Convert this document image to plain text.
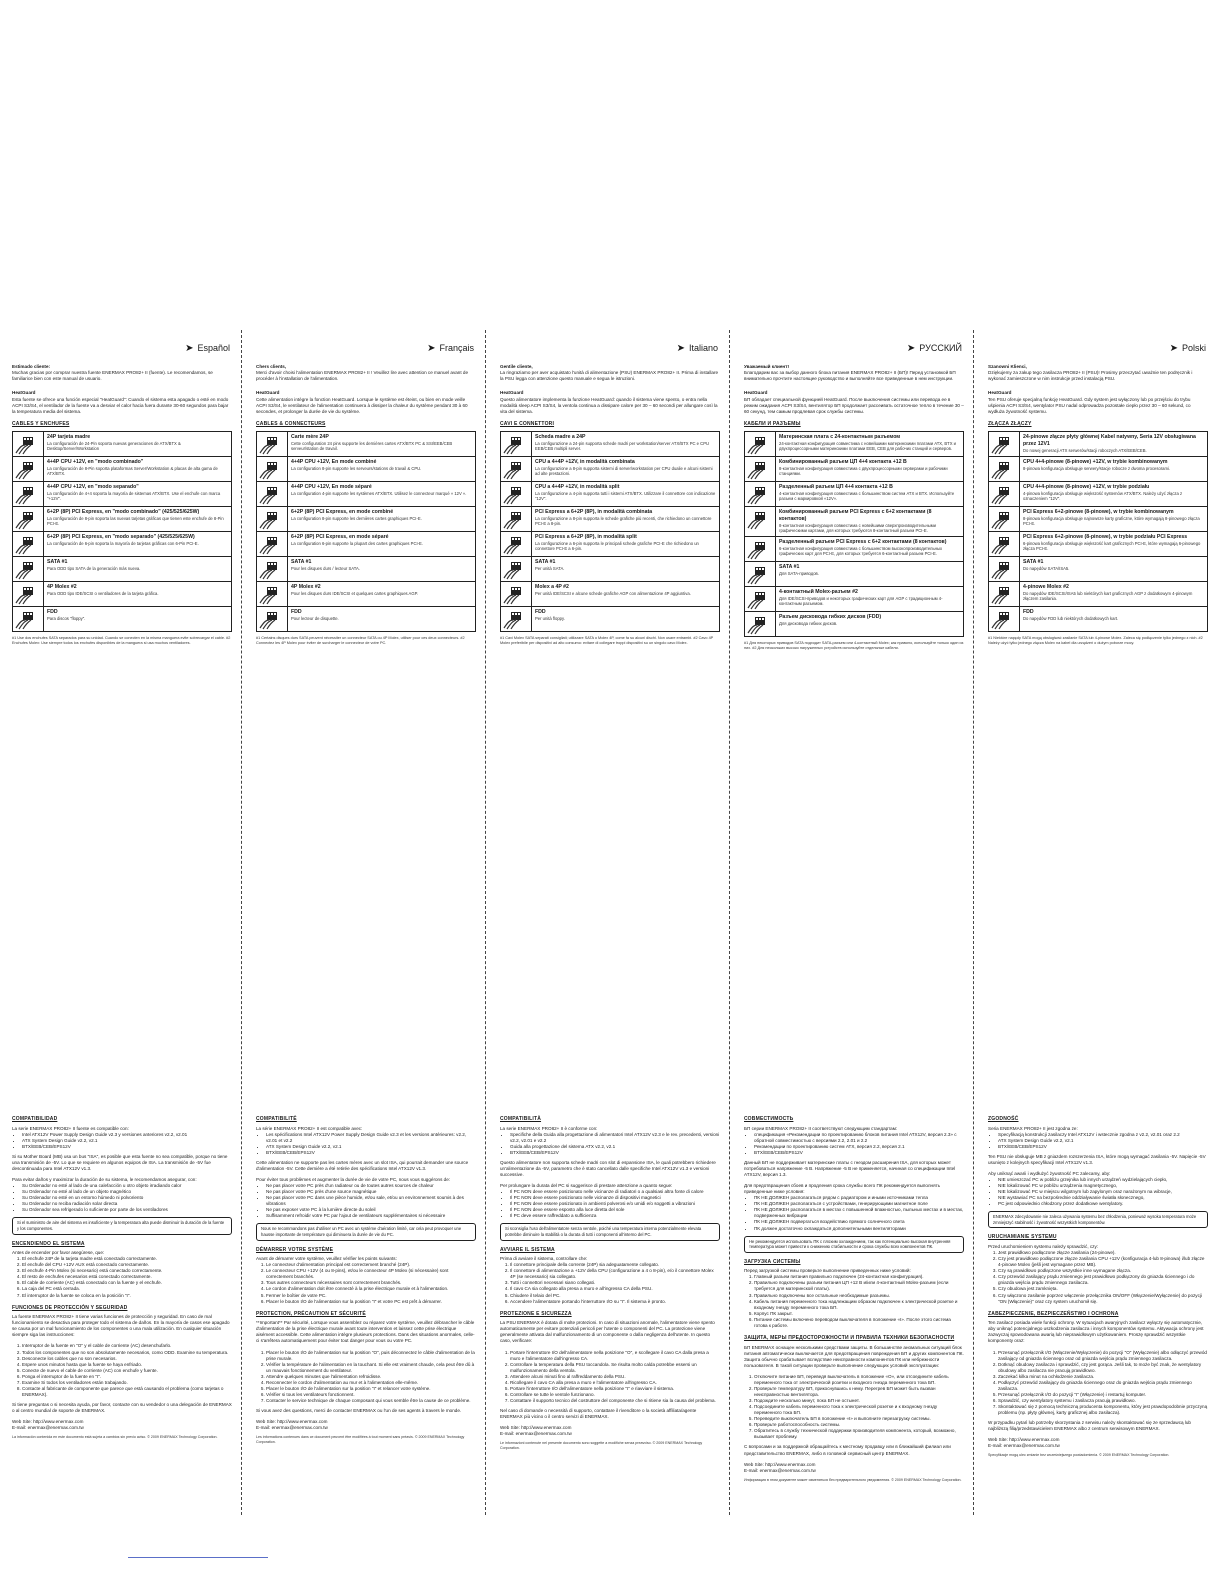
➤ Español
Estimado cliente:

Muchas gracias por comprar nuestra fuente ENERMAX PRO82+ II (fuente). Le recomendamos, se familiarice bien con este manual de usuario.

HeatGuard

Esta fuente se ofrece una función especial "HeatGuard": Cuando el sistema esta apagado o esté en modo ACPI S3/S4, el ventilador de la fuente va a desviar el calor hacia fuera durante 30-60 segundos para bajar la temperatura media del sistema.

CABLES Y ENCHUFES

24P tarjeta madre
La configuración de 24-Pin soporta nuevas generaciones de ATX/BTX & Desktop/Server/Workstation

4+4P CPU +12V, en "modo combinado"
La configuración de 8-Pin soporta plataformas Server/Workstation & placas de alta gama de ATX/BTX.

4+4P CPU +12V, en "modo separado"
La configuración de 4+4 soporta la mayoría de sistemas ATX/BTX. Use el enchufe con marca "+12V".

6+2P (8P) PCI Express, en "modo combinado" (425/525/625W)
La configuración de 8-pin soporta las nuevas tarjetas gráficas que tienen este enchufe de 8-Pin PCI-E.

6+2P (8P) PCI Express, en "modo separado" (425/525/625W)
La configuración de 6-pin soporta la mayoría de tarjetas gráficas con 6-Pin PCI-E.

SATA #1
Para ODD tipo SATA de la generación más nueva.

4P Molex #2
Para ODD tipo IDE/SCSI o ventiladores de la tarjeta gráfica.

FDD
Para discos "floppy".
#1 Use dos enchufes SATA separados para su unidad. Cuando se conecten en la misma manguera evite sobrecargar el cable. #2 Enchufes Molex: Use siempre todos los enchufes disponibles de la manguera si usa muchos ventiladores.
COMPATIBILIDAD
La serie ENERMAX PRO82+ II fuente es compatible con:
• Intel ATX12V Power Supply Design Guide v2.3 y versiones anteriores v2.2, v2.01
• ATX System Design Guide v2.2, v2.1
• BTX/EEB/CEB/EPS12V

Si su Mother Board (MB) usa un bus "ISA", es posible que esta fuente no sea compatible, porque no tiene una transmisión de -5V. Lo que se requiere en algunos equipos de ISA. La transmisión de -5V fue descontinuada para Intel ATX12V v1.3.

Para evitar daños y maximizar la duración de su sistema, le recomendamos asegurar, con:
• Su Ordenador no esté al lado de una calefacción u otro objeto irradiando calor
• Su Ordenador no esté al lado de un objeto magnético
• Su Ordenador no esté en un entorno húmedo ni polvoriento
• Su Ordenador no reciba radiación solar directa
• Su Ordenador sea refrigerado lo suficiente por parte de los ventiladores
Si el suministro de aire del sistema es insuficiente y la temperatura alta puede disminuir la duración de la fuente y los componentes.
ENCENDIENDO EL SISTEMA
Antes de encender por favor asegúrese, que:
1. El enchufe 24P de la tarjeta madre está conectado correctamente.
2. El enchufe del CPU +12V AUX está conectado correctamente.
3. El enchufe 4-Pin Molex (si necesario) está conectado correctamente.
4. El resto de enchufes necesarios está conectado correctamente.
5. El cable de corriente (AC) está conectado con la fuente y el enchufe.
6. La caja del PC está cerrada.
7. El interruptor de la fuente se coloca en la posición "I".
FUNCIONES DE PROTECCIÓN Y SEGURIDAD

La fuente ENERMAX PRO82+ II tiene varias funciones de protección y seguridad. En caso de mal funcionamiento se desactiva para proteger todo el sistema de daños. En la mayoría de casos ese apagado se causa por un mal funcionamiento de los componentes o una mala utilización. En cualquier situación siempre siga las instrucciones:

1. Interruptor de la fuente en "O" y el cable de corriente (AC) desenchufarlo.
2. Todos los componentes que no son absolutamente necesarios, como ODD. Examine su temperatura.
3. Desconecte los cables que no son necesarios.
4. Espere unos minutos hasta que la fuente se haya enfriado.
5. Conecte de nuevo el cable de corriente (AC) con enchufe y fuente.
6. Ponga el interruptor de la fuente en "I".
7. Examine Si todos los ventiladores están trabajando.
8. Contacte al fabricante de componente que parece que está causando el problema (como tarjetas o ENERMAX).

Si tiene preguntas o si necesita ayuda, por favor, contacte con su vendedor o una delegación de ENERMAX o al centro mundial de soporte de ENERMAX.

Web Site: http://www.enermax.com
E-mail: enermax@enermax.com.tw
La información contenida en este documento está sujeta a cambios sin previo aviso. © 2009 ENERMAX Technology Corporation.
➤ Français
Chers clients,

Merci d'avoir choisi l'alimentation ENERMAX PRO82+ II ! Veuillez lire avec attention ce manuel avant de procéder à l'installation de l'alimentation.

HeatGuard

Cette alimentation intègre la fonction HeatGuard. Lorsque le système est éteint, ou bien en mode veille ACPI S3/S4, le ventilateur de l'alimentation continuera à dissiper la chaleur du système pendant 30 à 60 secondes, et prolonger la durée de vie du système.

CABLES & CONNECTEURS

Carte mère 24P
Cette configuration 24 pins supporte les dernières cartes ATX/BTX PC & SSI/EEB/CEB serveur/station de travail.

4+4P CPU +12V, En mode combiné
La configuration 8-pin supporte les serveurs/stations de travail & CPU.

4+4P CPU +12V, En mode séparé
La configuration 4-pin supporte les systèmes ATX/BTX. Utilisez le connecteur marqué « 12V ».

6+2P (8P) PCI Express, en mode combiné
La configuration 8-pin supporte les dernières cartes graphiques PCI-E.

6+2P (8P) PCI Express, en mode séparé
La configuration 6-pin supporte la plupart des cartes graphiques PCI-E.

SATA #1
Pour les disques durs / lecteur SATA.

4P Molex #2
Pour les disques durs IDE/SCSI et quelques cartes graphiques AGP.

FDD
Pour lecteur de disquette.
#1 Certains disques durs SATA peuvent nécessiter un connecteur SATA ou 4P Molex, utiliser pour ces deux connecteurs. #2 Connectez les 4P Molex pour éviter de surcharger le connecteur de votre PC.
COMPATIBILITÉ
La série ENERMAX PRO82+ II est compatible avec:
• Les spécifications Intel ATX12V Power Supply Design Guide v2.3 et les versions antérieures: v2.2, v2.01 et v2.2
• ATX System Design Guide v2.2, v2.1
• BTX/EEB/CEB/EPS12V

Cette alimentation ne supporte pas les cartes mères avec un slot ISA, qui pourrait demander une source d'alimentation -5V. Cette dernière a été retirée des spécifications Intel ATX12V v1.3.

Pour éviter tous problèmes et augmenter la durée de vie de votre PC, nous vous suggérons de:
• Ne pas placer votre PC près d'un radiateur ou de toutes autres sources de chaleur
• Ne pas placer votre PC près d'une source magnétique
• Ne pas placer votre PC dans une pièce humide, et/ou sale, et/ou un environnement soumis à des vibrations
• Ne pas exposer votre PC à la lumière directe du soleil
• Suffisamment refroidir votre PC par l'ajout de ventilateurs supplémentaires si nécessaire
Nous ne recommandons pas d'utiliser un PC avec un système d'aération limité, car cela peut provoquer une hausse importante de température qui diminuera la durée de vie du PC.
DÉMARRER VOTRE SYSTÈME
Avant de démarrer votre système, veuillez vérifier les points suivants:
1. Le connecteur d'alimentation principal est correctement branché (24P).
2. Le connecteur CPU +12V (4 ou 8-pins), et/ou le connecteur 4P Molex (si nécessaire) sont correctement branchés.
3. Tous autres connecteurs nécessaires sont correctement branchés.
4. Le cordon d'alimentation doit être connecté à la prise électrique murale et à l'alimentation.
5. Fermer le boîtier de votre PC.
6. Placer le bouton I/O de l'alimentation sur la position "I" et votre PC est prêt à démarrer.
PROTECTION, PRÉCAUTION ET SÉCURITÉ

**Important** Par sécurité, Lorsque vous assemblez ou réparez votre système, veuillez débrancher le câble d'alimentation de la prise électrique murale avant toute intervention et laissez cette prise électrique aisément accessible. Cette alimentation intègre plusieurs protections. Dans des situations anormales, celle-ci s'arrêtera automatiquement pour éviter tout danger pour vous ou votre PC.

1. Placer le bouton I/O de l'alimentation sur la position "O", puis déconnectez le câble d'alimentation de la prise murale.
2. Vérifier la température de l'alimentation en la touchant. Si elle est vraiment chaude, cela peut être dû à un mauvais fonctionnement du ventilateur.
3. Attendre quelques minutes que l'alimentation refroidisse.
4. Reconnecter le cordon d'alimentation au mur et à l'alimentation elle-même.
5. Placer le bouton I/O de l'alimentation sur la position "I" et relancer votre système.
6. Vérifier si tous les ventilateurs fonctionnent.
7. Contacter le service technique de chaque composant qui vous semble être la cause de ce problème.

Si vous avez des questions, merci de contacter ENERMAX ou l'un de ses agents à travers le monde.

Web Site: http://www.enermax.com
E-mail: enermax@enermax.com.tw
Les informations contenues dans ce document peuvent être modifiées à tout moment sans préavis. © 2009 ENERMAX Technology Corporation.
➤ Italiano
Gentile cliente,

La ringraziamo per aver acquistato l'unità di alimentazione (PSU) ENERMAX PRO82+ II. Prima di installare la PSU legga con attenzione questo manuale e segua le istruzioni.

HeatGuard

Questo alimentatore implementa la funzione HeatGuard: quando il sistema viene spento, o entra nella modalità sleep ACPI S3/S4, la ventola continua a dissipare calore per 30 – 60 secondi per allungare così la vita del sistema.

CAVI E CONNETTORI

Scheda madre a 24P
La configurazione a 24-pin supporta schede madri per workstation/server ATX/BTX PC e CPU EEB/CEB multipli server.

CPU a 4+4P +12V, in modalità combinata
La configurazione a 8-pin supporta sistemi di server/workstation per CPU dualie e alcuni sistemi ad alte prestazioni.

CPU a 4+4P +12V, in modalità split
La configurazione a 4-pin supporta tutti i sistemi ATX/BTX. Utilizzare il connettore con indicazione "12V".

PCI Express a 6+2P (8P), in modalità combinata
La configurazione a 8-pin supporta le schede grafiche più recenti, che richiedono un connettore PCI-E a 8-pin.

PCI Express a 6+2P (8P), in modalità split
La configurazione a 6-pin supporta le principali schede grafiche PCI-E che richiedono un connettore PCI-E a 6-pin.

SATA #1
Per unità SATA.

Molex a 4P #2
Per unità IDE/SCSI e alcune schede grafiche AGP con alimentazione 4P aggiuntiva.

FDD
Per unità floppy.
#1 Cavi Molex SATA separati consigliati; utilizzare SATA o Molex 4P, come fa su alcuni dischi. Non usare entrambi. #2 Cavo 4P Molex preferibile per dispositivi ad alto consumo: evitare di collegare troppi dispositivi su un singolo cavo Molex.
COMPATIBILITÀ
La serie ENERMAX PRO82+ II è conforme con:
• Specifiche della Guida alla progettazione di alimentatori Intel ATX12V v2.3 e le rev. precedenti, versioni v2.2, v2.01 e v2.2
• Guida alla progettazione del sistema ATX v2.2, v2.1
• BTX/EEB/CEB/EPS12V

Questo alimentatore non supporta schede madri con slot di espansione ISA, le quali potrebbero richiedere un'alimentazione da -5V, parametro che è stato cancellato dalle specifiche Intel ATX12V v1.3 e versioni successive.

Per prolungare la durata del PC si suggerisce di prestare attenzione a quanto segue:
• Il PC NON deve essere posizionato nelle vicinanze di radiatori o a qualsiasi altra fonte di calore
• Il PC NON deve essere posizionato nelle vicinanze di dispositivi magnetici
• Il PC NON deve essere posizionato in ambienti polverosi e/o umidi e/o soggetti a vibrazioni
• Il PC NON deve essere esposto alla luce diretta del sole
• Il PC deve essere raffreddato a sufficienza
Si sconsiglia l'uso dell'alimentatore senza ventole, poiché una temperatura interna potenzialmente elevata potrebbe diminuire la stabilità o la durata di tutti i componenti all'interno del PC.
AVVIARE IL SISTEMA
Prima di avviare il sistema, controllare che:
1. Il connettore principale della corrente (24P) sia adeguatamente collegato.
2. Il connettore di alimentazione a +12V della CPU (configurazione a 4 o 8-pin), e/o il connettore Molex 4P (se necessario) sia collegato.
3. Tutti i connettori necessari siano collegati.
4. Il cavo CA sia collegato alla presa a muro e all'ingresso CA della PSU.
5. Chiudere il telaio del PC.
6. Accendere l'alimentatore portando l'interruttore I/O su "I". Il sistema è pronto.
PROTEZIONE E SICUREZZA

La PSU ENERMAX è dotata di molte protezioni. In caso di situazioni anomale, l'alimentatore viene spento automaticamente per evitare potenziali pericoli per l'utente o componenti del PC. La protezione viene generalmente attivata dal malfunzionamento di un componente o dalla negligenza dell'utente. In questo caso, verificare:

1. Portare l'interruttore I/O dell'alimentatore nella posizione "O", e scollegare il cavo CA dalla presa a muro e l'alimentatore dall'ingresso CA.
2. Controllare la temperatura della PSU toccandola. Se risulta molto calda potrebbe essersi un malfunzionamento della ventola.
3. Attendere alcuni minuti fino al raffreddamento della PSU.
4. Ricollegare il cavo CA alla presa a muro e l'alimentatore all'ingresso CA.
5. Portare l'interruttore I/O dell'alimentatore nella posizione "I" e riavviare il sistema.
6. Controllare se tutte le ventole funzionano.
7. Contattare il supporto tecnico del costruttore del componente che si ritiene sia la causa del problema.

Nel caso di domande o necessità di supporto, contattare il rivenditore o la società affiliata/agente ENERMAX più vicino o il centro servizi di ENERMAX.

Web Site: http://www.enermax.com
E-mail: enermax@enermax.com.tw
Le informazioni contenute nel presente documento sono soggette a modifiche senza preavviso. © 2009 ENERMAX Technology Corporation.
➤ РУССКИЙ
Уважаемый клиент!

Благодарим вас за выбор данного блока питания ENERMAX PRO82+ II (БП)! Перед установкой БП внимательно прочтите настоящее руководство и выполняйте все приведенные в нем инструкции.

HeatGuard

БП обладает специальной функцией HeatGuard. После выключения системы или перевода ее в режим ожидания ACPI S3/S4, вентилятор БП продолжает рассеивать остаточное тепло в течение 30 – 60 секунд, тем самым продлевая срок службы системы.

КАБЕЛИ И РАЗЪЕМЫ

Материнская плата с 24-контактным разъемом
24-контактная конфигурация совместима с новейшими материнскими платами ATX, BTX и двухпроцессорными материнскими платами EEB, CEB для рабочих станций и серверов.

Комбинированный разъем ЦП 4+4 контакта +12 В
8-контактная конфигурация совместима с двухпроцессорными серверами и рабочими станциями.

Разделенный разъем ЦП 4+4 контакта +12 В
4-контактная конфигурация совместима с большинством систем ATX и BTX. Используйте разъем с маркировкой «12V».

Комбинированный разъем PCI Express с 6+2 контактами (8 контактов)
8-контактная конфигурация совместима с новейшими сверхпроизводительными графическими картами, для которых требуются 8-контактный разъем PCI-E.

Разделенный разъем PCI Express с 6+2 контактами (8 контактов)
6-контактная конфигурация совместима с большинством высокопроизводительных графических карт для PCI-E, для которых требуется 6-контактный разъем PCI-E.

SATA #1
Для SATA-приводов.

4-контактный Molex-разъем #2
Для IDE/SCSI-приводов и некоторых графических карт для AGP с традиционным 4-контактным разъемом.

Разъем дисковода гибких дисков (FDD)
Для дисковода гибких дисков.
#1 Для некоторых приводов SATA подходит SATA-разъем или 4-контактный Molex; как правило, используйте только один из них. #2 Для нескольких высоко нагруженных устройств используйте отдельные кабели.
СОВМЕСТИМОСТЬ
БП серии ENERMAX PRO82+ II соответствуют следующим стандартам:
• спецификация «Рекомендации по проектированию блоков питания Intel ATX12V, версия 2.3» с обратной совместимостью с версиями 2.2, 2.01 и 2.2
• Рекомендации по проектированию систем ATX, версия 2.2, версия 2.1
• BTX/EEB/CEB/EPS12V

Данный БП не поддерживает материнские платы с гнездом расширения ISA, для которых может потребоваться напряжение -5 В. Напряжение -5 В не применяется, начиная со спецификации Intel ATX12V, версия 1.3.

Для предотвращения сбоев и продления срока службы всего ПК рекомендуется выполнять приведенные ниже условия:
• ПК НЕ ДОЛЖЕН располагаться рядом с радиатором и иными источниками тепла
• ПК НЕ ДОЛЖЕН располагаться с устройствами, генерирующими магнитное поле
• ПК НЕ ДОЛЖЕН располагаться в местах с повышенной влажностью, пыльных местах и в местах, подверженных вибрации
• ПК НЕ ДОЛЖЕН подвергаться воздействию прямого солнечного света
• ПК должен достаточно охлаждаться дополнительными вентиляторами
Не рекомендуется использовать ПК с плохим охлаждением, так как потенциально высокая внутренняя температура может привести к снижению стабильности и срока службы всех компонентов ПК.
ЗАГРУЗКА СИСТЕМЫ
Перед загрузкой системы проверьте выполнение приведенных ниже условий:
1. Главный разъем питания правильно подключен (24-контактная конфигурация).
2. Правильно подключены разъем питания ЦП +12 В и/или 4-контактный Molex-разъем (если требуется для материнской платы).
3. Правильно подключены все остальные необходимые разъемы.
4. Кабель питания переменного тока надлежащим образом подключен к электрической розетке и входному гнезду переменного тока БП.
5. Корпус ПК закрыт.
6. Питание системы включено переводом выключателя в положение «I». После этого система готова к работе.
ЗАЩИТА, МЕРЫ ПРЕДОСТОРОЖНОСТИ И ПРАВИЛА ТЕХНИКИ БЕЗОПАСНОСТИ

БП ENERMAX оснащен несколькими средствами защиты. В большинстве аномальных ситуаций блок питания автоматически выключается для предотвращения повреждения БП и других компонентов ПК. Защита обычно срабатывает вследствие неисправности компонентов ПК или небрежности пользователя. В такой ситуации проверьте выполнение следующих условий эксплуатации:

1. Отключите питание БП, переведя выключатель в положение «O», или отсоедините кабель переменного тока от электрической розетки и входного гнезда переменного тока БП.
2. Проверьте температуру БП, прикоснувшись к нему. Перегрев БП может быть вызван неисправностью вентилятора.
3. Подождите несколько минут, пока БП не остынет.
4. Подсоедините кабель переменного тока к электрической розетке и к входному гнезду переменного тока БП.
5. Переведите выключатель БП в положение «I» и выполните перезагрузку системы.
6. Проверьте работоспособность системы.
7. Обратитесь в службу технической поддержки производителя компонента, который, возможно, вызывает проблему.

С вопросами и за поддержкой обращайтесь к местному продавцу или в ближайший филиал или представительство ENERMAX, либо в головной сервисный центр ENERMAX.

Web Site: http://www.enermax.com
E-mail: enermax@enermax.com.tw
Информация в этом документе может изменяться без предварительного уведомления. © 2009 ENERMAX Technology Corporation.
➤ Polski
Szanowni Klienci,

Dziękujemy za zakup tego zasilacza PRO82+ II (PSU)! Prosimy przeczytać uważnie ten podręcznik i wykonać zamieszczone w nim instrukcje przed instalacją PSU.

HeatGuard

Ten PSU oferuje specjalną funkcję HeatGuard. Gdy system jest wyłączony lub po przejściu do trybu uśpienia ACPI S3/S4, wentylator PSU nadal odprowadza pozostałe ciepło przez 30 – 60 sekund, co wydłuża żywotność systemu.

ZŁĄCZA ZŁĄCZY

24-pinowe złącze płyty głównej Kabel natywny, Seria 12V obsługiwana przez 12V1
Do nowej generacji ATX serwerów/stacji roboczych ATX/EEB/CEB.

CPU 4+4-pinowe (8-pinowe) +12V, w trybie kombinowanym
8-pinowa konfiguracja obsługuje serwery/stacje robocze z dwoma procesorami.

CPU 4+4-pinowe (8-pinowe) +12V, w trybie podziału
4-pinowa konfiguracja obsługuje większość systemów ATX/BTX. Należy użyć złącza z oznaczeniem "12V".

PCI Express 6+2-pinowe (8-pinowe), w trybie kombinowanym
8-pinowa konfiguracja obsługuje najnowsze karty graficzne, które wymagają 8-pinowego złącza PCI-E.

PCI Express 6+2-pinowe (8-pinowe), w trybie podziału PCI Express
6-pinowa konfiguracja obsługuje większość kart graficznych PCI-E, które wymagają 6-pinowego złącza PCI-E.

SATA #1
Do napędów SATA/ISA5.

4-pinowe Molex #2
Do napędów IDE/SCSI/ISA5 lub niektórych kart graficznych AGP z dodatkowym 4-pinowym złączem zasilania.

FDD
Do napędów FDD lub niektórych dodatkowych kart.
#1 Niektóre napędy SATA mogą obsługiwać zasilanie SATA lub 4-pinowe Molex. Zaleca się podłączenie tylko jednego z nich. #2 Należy użyć tylko jednego złącza Molex na kabel dla urządzeń o dużym poborze mocy.
ZGODNOŚĆ
Seria ENERMAX PRO82+ II jest zgodna ze:
• Specyfikacją konstrukcji zasilaczy Intel ATX12V i wstecznie zgodna z v2.2, v2.01 oraz 2.2
• ATX System Design Guide v2.2, v2.1
• BTX/EEB/CEB/EPS12V

Ten PSU nie obsługuje MB z gniazdem rozszerzenia ISA, które mogą wymagać zasilania -5V. Napięcie -5V usunięto z kolejnych specyfikacji Intel ATX12V v1.3.

Aby uniknąć awarii i wydłużyć żywotność PC zalecamy, aby:
• NIE umieszczać PC w pobliżu grzejnika lub innych urządzeń wydzielających ciepło,
• NIE lokalizować PC w pobliżu urządzenia magnetycznego,
• NIE lokalizować PC w miejscu wilgotnym lub zapylonym oraz narażonym na wibracje,
• NIE wystawiać PC na bezpośrednie oddziaływanie światła słonecznego,
• PC jest odpowiednio chłodzony przez dodatkowe wentylatory.
ENERMAX zdecydowanie nie zaleca używania systemu bez chłodzenia, ponieważ wysoka temperatura może zmniejszyć stabilność i żywotność wszystkich komponentów.
URUCHAMIANIE SYSTEMU
Przed uruchomieniem systemu należy sprawdzić, czy:
1. Jest prawidłowo podłączone złącze zasilania (24-pinowe).
2. Czy jest prawidłowo podłączone złącze zasilania CPU +12V (konfiguracja 4-lub 8-pinowa) i/lub złącze 4-pinowe Molex (jeśli jest wymagane przez MB).
3. Czy są prawidłowo podłączone wszystkie inne wymagane złącza.
4. Czy przewód zasilający prądu zmiennego jest prawidłowo podłączony do gniazda ściennego i do gniazda wejścia prądu zmiennego zasilacza.
5. Czy obudowa jest zamknięta.
6. Czy włączono zasilanie poprzez włączenie przełącznika ON/OFF (Włączenie/Wyłączenie) do pozycji "ON (Włączenie)" oraz czy system uruchomił się.
ZABEZPIECZENIE, BEZPIECZEŃSTWO I OCHRONA

Ten zasilacz posiada wiele funkcji ochrony. W sytuacjach awaryjnych zasilacz wyłączy się automatycznie, aby uniknąć potencjalnego uszkodzenia zasilacza i innych komponentów systemu. Aktywacja ochrony jest zazwyczaj spowodowana awarią lub nieprawidłowym użytkowaniem. Proszę sprawdzić wszystkie komponenty oraz:

1. Przesunąć przełącznik I/O (Włączenie/Wyłączenie) do pozycji "O" (Wyłączenie) albo odłączyć przewód zasilający od gniazda ściennego oraz od gniazda wejścia prądu zmiennego zasilacza.
2. Dotknąć obudowy zasilacza i sprawdzić, czy jest gorąca. Jeśli tak, to może być znak, że wentylatory obudowy albo zasilacza nie pracują prawidłowo.
3. Zaczekać kilka minut na ochłodzenie zasilacza.
4. Podłączyć przewód zasilający do gniazda ściennego oraz do gniazda wejścia prądu zmiennego zasilacza.
5. Przesunąć przełącznik I/O do pozycji "I" (Włączenie) i restartuj komputer.
6. Sprawdzić, czy wentylatory systemu i zasilacza pracują prawidłowo.
7. Skontaktować się z pomocą techniczną producenta komponentu, który jest prawdopodobnie przyczyną problemu (np. płyty głównej, karty graficznej albo zasilacza).

W przypadku pytań lub potrzeby skorzystania z serwisu należy skontaktować się ze sprzedawcą lub najbliższą filią/przedstawicielem ENERMAX albo z centrum serwisowym ENERMAX.

Web Site: http://www.enermax.com
E-mail: enermax@enermax.com.tw
Specyfikacje mogą ulec zmianie bez wcześniejszego powiadomienia. © 2009 ENERMAX Technology Corporation.
